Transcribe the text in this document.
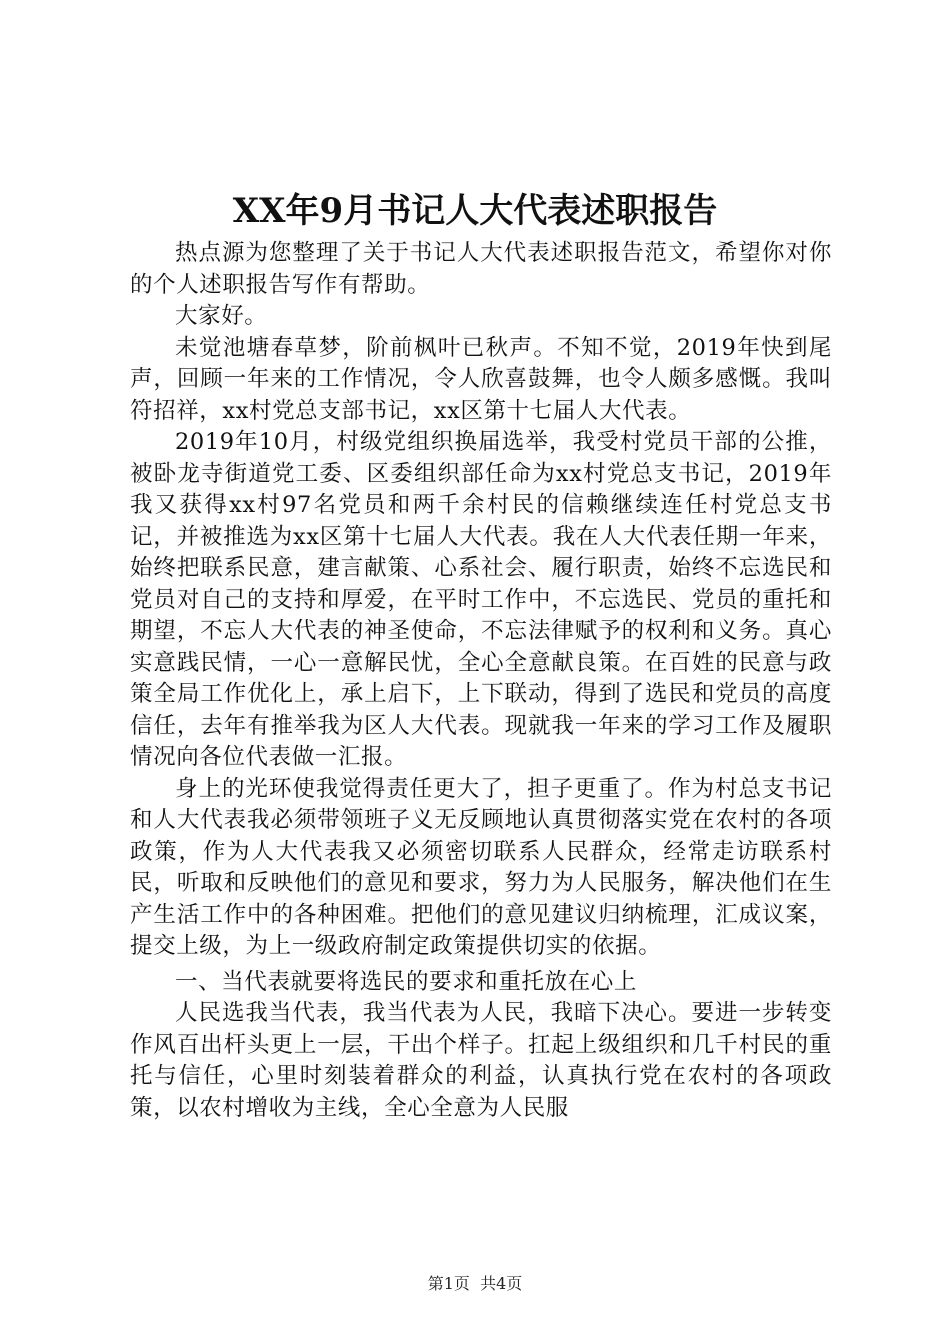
XX年9月书记人大代表述职报告

热点源为您整理了关于书记人大代表述职报告范文，希望你对你的个人述职报告写作有帮助。

大家好。

未觉池塘春草梦，阶前枫叶已秋声。不知不觉，2019年快到尾声，回顾一年来的工作情况，令人欣喜鼓舞，也令人颇多感慨。我叫符招祥，xx村党总支部书记，xx区第十七届人大代表。

2019年10月，村级党组织换届选举，我受村党员干部的公推，被卧龙寺街道党工委、区委组织部任命为xx村党总支书记，2019年我又获得xx村97名党员和两千余村民的信赖继续连任村党总支书记，并被推选为xx区第十七届人大代表。我在人大代表任期一年来，始终把联系民意，建言献策、心系社会、履行职责，始终不忘选民和党员对自己的支持和厚爱，在平时工作中，不忘选民、党员的重托和期望，不忘人大代表的神圣使命，不忘法律赋予的权利和义务。真心实意践民情，一心一意解民忧，全心全意献良策。在百姓的民意与政策全局工作优化上，承上启下，上下联动，得到了选民和党员的高度信任，去年有推举我为区人大代表。现就我一年来的学习工作及履职情况向各位代表做一汇报。

身上的光环使我觉得责任更大了，担子更重了。作为村总支书记和人大代表我必须带领班子义无反顾地认真贯彻落实党在农村的各项政策，作为人大代表我又必须密切联系人民群众，经常走访联系村民，听取和反映他们的意见和要求，努力为人民服务，解决他们在生产生活工作中的各种困难。把他们的意见建议归纳梳理，汇成议案，提交上级，为上一级政府制定政策提供切实的依据。

一、当代表就要将选民的要求和重托放在心上

人民选我当代表，我当代表为人民，我暗下决心。要进一步转变作风百出杆头更上一层，干出个样子。扛起上级组织和几千村民的重托与信任，心里时刻装着群众的利益，认真执行党在农村的各项政策，以农村增收为主线，全心全意为人民服

第1页 共4页
